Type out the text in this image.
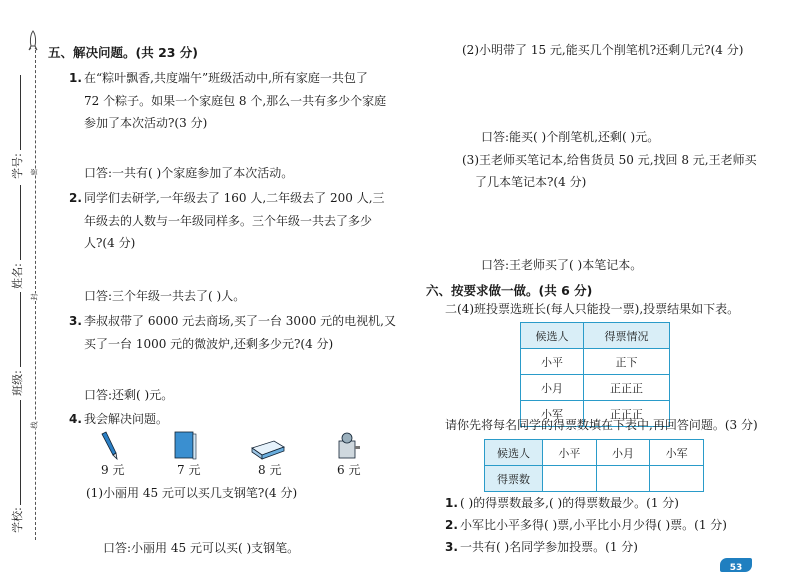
学号:
姓名:
班级:
学校:
密
封
线
五、解决问题。(共 23 分)
1. 在“粽叶飘香,共度端午”班级活动中,所有家庭一共包了
72 个粽子。如果一个家庭包 8 个,那么一共有多少个家庭
参加了本次活动?(3 分)
口答:一共有( )个家庭参加了本次活动。
2. 同学们去研学,一年级去了 160 人,二年级去了 200 人,三
年级去的人数与一年级同样多。三个年级一共去了多少
人?(4 分)
口答:三个年级一共去了( )人。
3. 李叔叔带了 6000 元去商场,买了一台 3000 元的电视机,又
买了一台 1000 元的微波炉,还剩多少元?(4 分)
口答:还剩( )元。
4. 我会解决问题。
9 元	7 元	8 元	6 元
(1)小丽用 45 元可以买几支钢笔?(4 分)
口答:小丽用 45 元可以买( )支钢笔。
(2)小明带了 15 元,能买几个削笔机?还剩几元?(4 分)
口答:能买( )个削笔机,还剩( )元。
(3)王老师买笔记本,给售货员 50 元,找回 8 元,王老师买
了几本笔记本?(4 分)
口答:王老师买了( )本笔记本。
六、按要求做一做。(共 6 分)
二(4)班投票选班长(每人只能投一票),投票结果如下表。
候选人	得票情况
小平	正下
小月	正正正
小军	正正正
请你先将每名同学的得票数填在下表中,再回答问题。(3 分)
候选人	小平	小月	小军
得票数			
1. ( )的得票数最多,( )的得票数最少。(1 分)
2. 小军比小平多得( )票,小平比小月少得( )票。(1 分)
3. 一共有( )名同学参加投票。(1 分)
53
